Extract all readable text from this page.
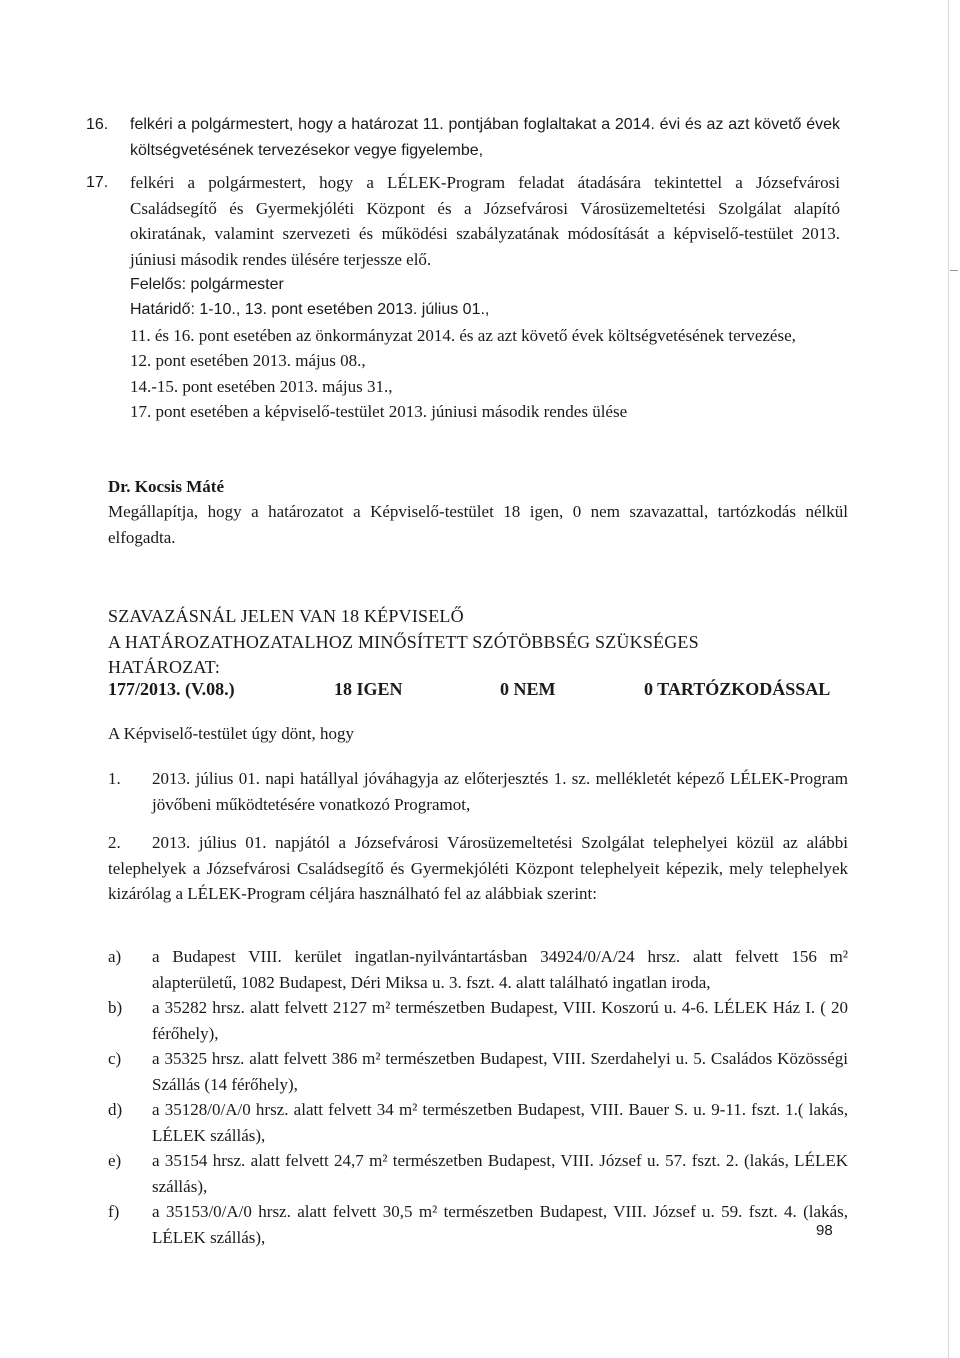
16. felkéri a polgármestert, hogy a határozat 11. pontjában foglaltakat a 2014. évi és az azt követő évek költségvetésének tervezésekor vegye figyelembe,
17. felkéri a polgármestert, hogy a LÉLEK-Program feladat átadására tekintettel a Józsefvárosi Családsegítő és Gyermekjóléti Központ és a Józsefvárosi Városüzemeltetési Szolgálat alapító okiratának, valamint szervezeti és működési szabályzatának módosítását a képviselő-testület 2013. júniusi második rendes ülésére terjessze elő.
Felelős: polgármester
Határidő: 1-10., 13. pont esetében 2013. július 01.,
11. és 16. pont esetében az önkormányzat 2014. és az azt követő évek költségvetésének tervezése,
12. pont esetében 2013. május 08.,
14.-15. pont esetében 2013. május 31.,
17. pont esetében a képviselő-testület 2013. júniusi második rendes ülése
Dr. Kocsis Máté
Megállapítja, hogy a határozatot a Képviselő-testület 18 igen, 0 nem szavazattal, tartózkodás nélkül elfogadta.
SZAVAZÁSNÁL JELEN VAN 18 KÉPVISELŐ
A HATÁROZATHOZATALHOZ MINŐSÍTETT SZÓTÖBBSÉG SZÜKSÉGES
HATÁROZAT:
177/2013. (V.08.)	18 IGEN	0 NEM	0 TARTÓZKODÁSSAL
A Képviselő-testület úgy dönt, hogy
1. 2013. július 01. napi hatállyal jóváhagyja az előterjesztés 1. sz. mellékletét képező LÉLEK-Program jövőbeni működtetésére vonatkozó Programot,
2. 2013. július 01. napjától a Józsefvárosi Városüzemeltetési Szolgálat telephelyei közül az alábbi telephelyek a Józsefvárosi Családsegítő és Gyermekjóléti Központ telephelyeit képezik, mely telephelyek kizárólag a LÉLEK-Program céljára használható fel az alábbiak szerint:
a) a Budapest VIII. kerület ingatlan-nyilvántartásban 34924/0/A/24 hrsz. alatt felvett 156 m² alapterületű, 1082 Budapest, Déri Miksa u. 3. fszt. 4. alatt található ingatlan iroda,
b) a 35282 hrsz. alatt felvett 2127 m² természetben Budapest, VIII. Koszorú u. 4-6. LÉLEK Ház I. ( 20 férőhely),
c) a 35325 hrsz. alatt felvett 386 m² természetben Budapest, VIII. Szerdahelyi u. 5. Családos Közösségi Szállás (14 férőhely),
d) a 35128/0/A/0 hrsz. alatt felvett 34 m² természetben Budapest, VIII. Bauer S. u. 9-11. fszt. 1.( lakás, LÉLEK szállás),
e) a 35154 hrsz. alatt felvett 24,7 m² természetben Budapest, VIII. József u. 57. fszt. 2. (lakás, LÉLEK szállás),
f) a 35153/0/A/0 hrsz. alatt felvett 30,5 m² természetben Budapest, VIII. József u. 59. fszt. 4. (lakás, LÉLEK szállás),	98
